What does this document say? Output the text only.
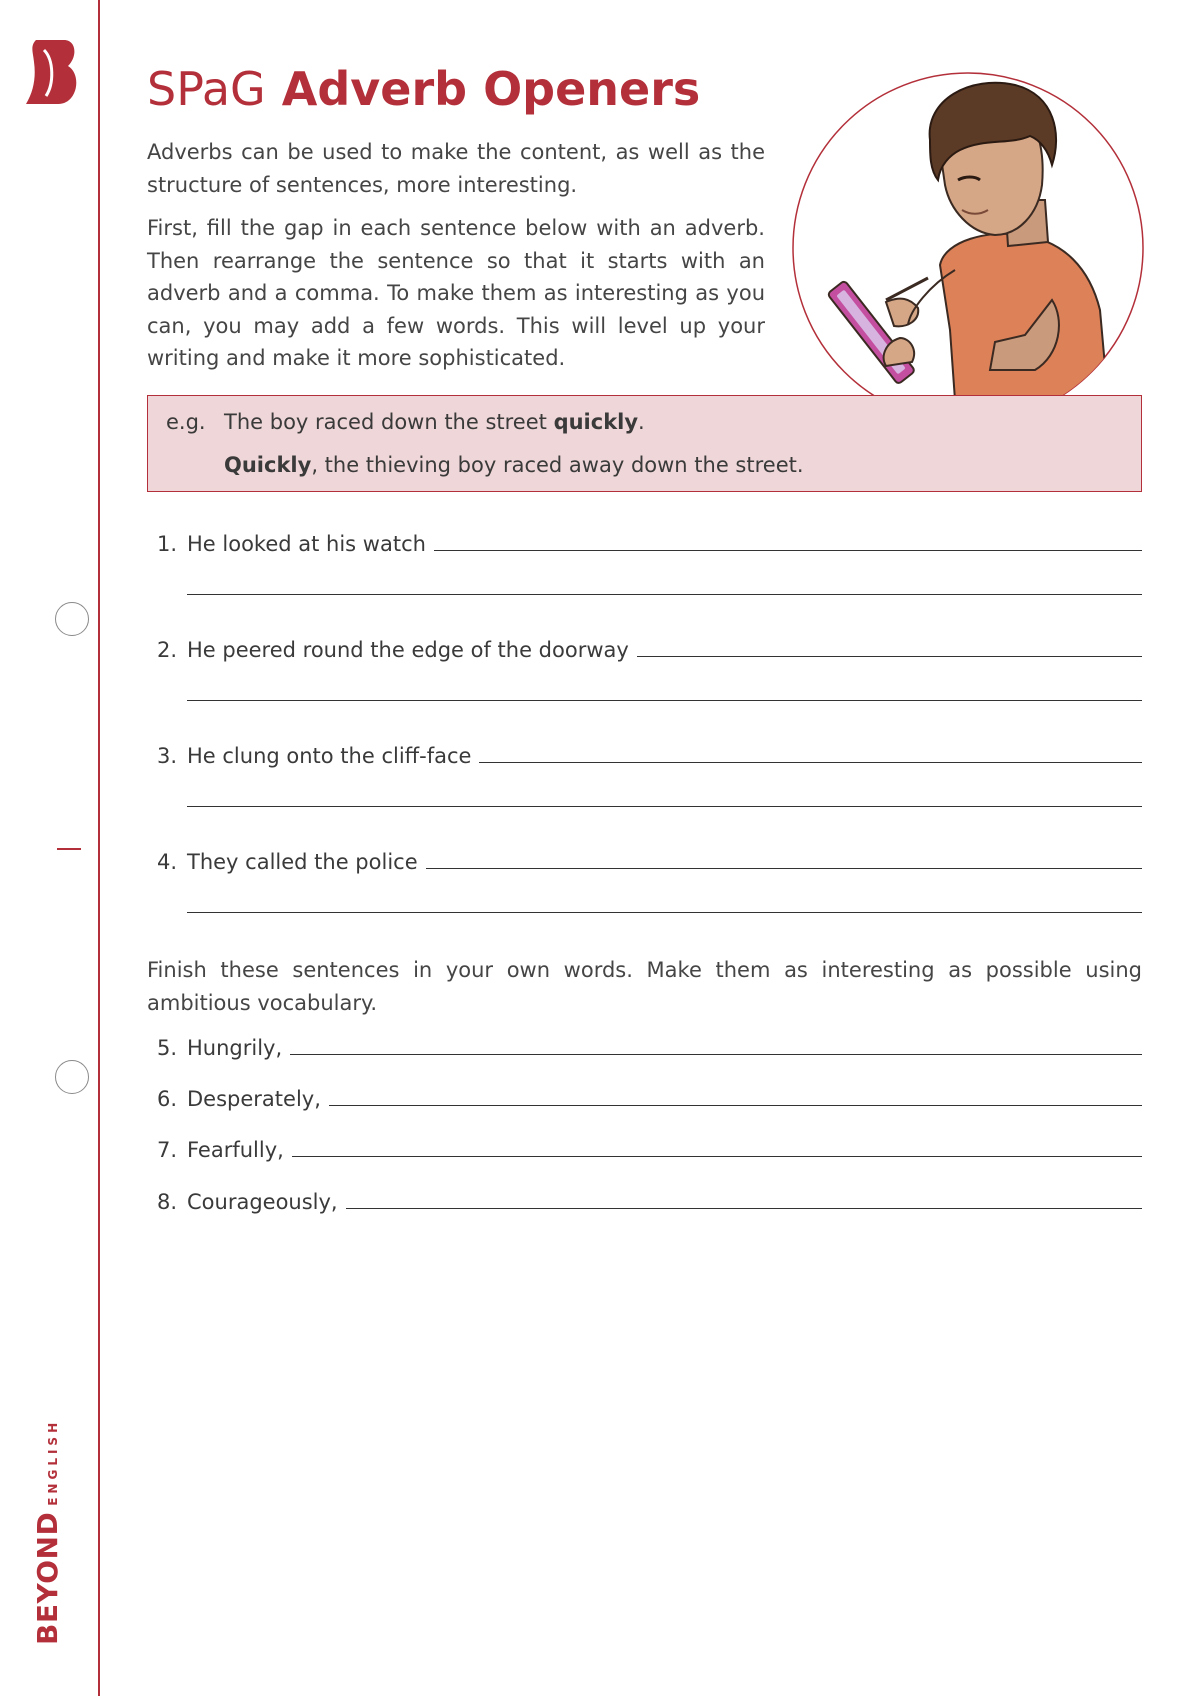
BEYONDENGLISH
SPaG Adverb Openers

Adverbs can be used to make the content, as well as the structure of sentences, more interesting.

First, fill the gap in each sentence below with an adverb. Then rearrange the sentence so that it starts with an adverb and a comma. To make them as interesting as you can, you may add a few words. This will level up your writing and make it more sophisticated.

e.g. The boy raced down the street quickly.
Quickly, the thieving boy raced away down the street.
1. He looked at his watch
2. He peered round the edge of the doorway
3. He clung onto the cliff-face
4. They called the police

Finish these sentences in your own words. Make them as interesting as possible using ambitious vocabulary.

5. Hungrily,
6. Desperately,
7. Fearfully,
8. Courageously,
